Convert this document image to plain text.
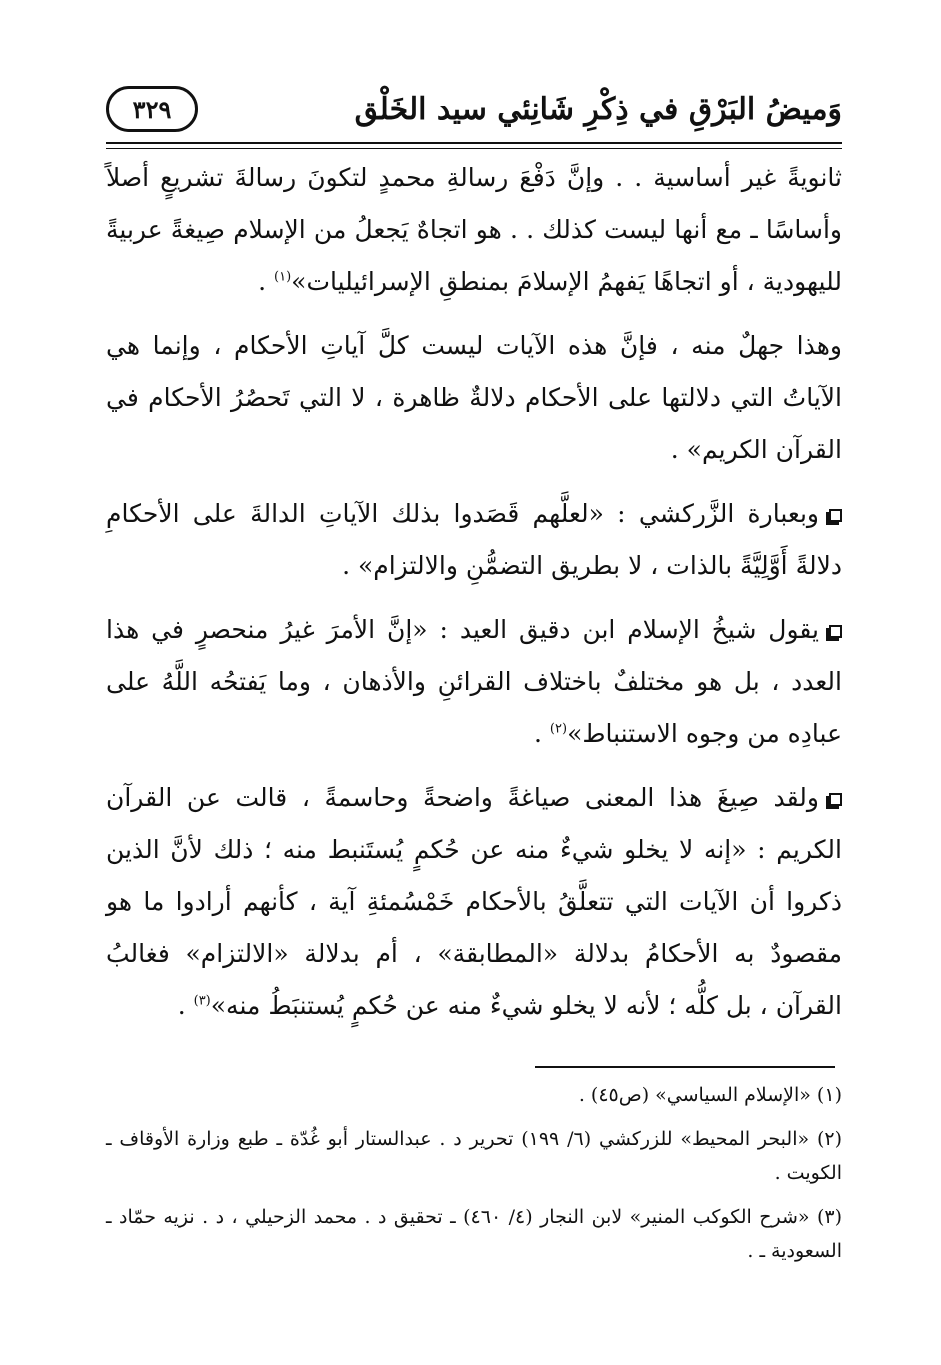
وَميضُ البَرْقِ في ذِكْرِ شَانِئي سيد الخَلْق
٣٢٩

ثانويةً غير أساسية . . وإنَّ دَفْعَ رسالةِ محمدٍ لتكونَ رسالةَ تشريعٍ أصلاً وأساسًا ـ مع أنها ليست كذلك . . هو اتجاهٌ يَجعلُ من الإسلام صِيغةً عربيةً لليهودية ، أو اتجاهًا يَفهمُ الإسلامَ بمنطقِ الإسرائيليات»$^{(١)}$ .

وهذا جهلٌ منه ، فإنَّ هذه الآيات ليست كلَّ آياتِ الأحكام ، وإنما هي الآياتُ التي دلالتها على الأحكام دلالةٌ ظاهرة ، لا التي تَحصُرُ الأحكام في القرآن الكريم» .

وبعبارة الزَّركشي : «لعلَّهم قَصَدوا بذلك الآياتِ الدالةَ على الأحكامِ دلالةً أَوَّلِيَّةً بالذات ، لا بطريق التضمُّنِ والالتزام» .

يقول شيخُ الإسلام ابن دقيق العيد : «إنَّ الأمرَ غيرُ منحصرٍ في هذا العدد ، بل هو مختلفٌ باختلاف القرائنِ والأذهان ، وما يَفتحُه اللَّهُ على عبادِه من وجوه الاستنباط»$^{(٢)}$ .

ولقد صِيغَ هذا المعنى صياغةً واضحةً وحاسمةً ، قالت عن القرآن الكريم : «إنه لا يخلو شيءٌ منه عن حُكمٍ يُستَنبط منه ؛ ذلك لأنَّ الذين ذكروا أن الآيات التي تتعلَّقُ بالأحكام خَمْسُمئةِ آية ، كأنهم أرادوا ما هو مقصودٌ به الأحكامُ بدلالة «المطابقة» ، أم بدلالة «الالتزام» فغالبُ القرآن ، بل كلُّه ؛ لأنه لا يخلو شيءٌ منه عن حُكمٍ يُستنبَطُ منه»$^{(٣)}$ .

(١) «الإسلام السياسي» (ص٤٥) .

(٢) «البحر المحيط» للزركشي (٦/ ١٩٩) تحرير د . عبدالستار أبو غُدّة ـ طبع وزارة الأوقاف ـ الكويت .

(٣) «شرح الكوكب المنير» لابن النجار (٤/ ٤٦٠) ـ تحقيق د . محمد الزحيلي ، د . نزيه حمّاد ـ السعودية ـ .
